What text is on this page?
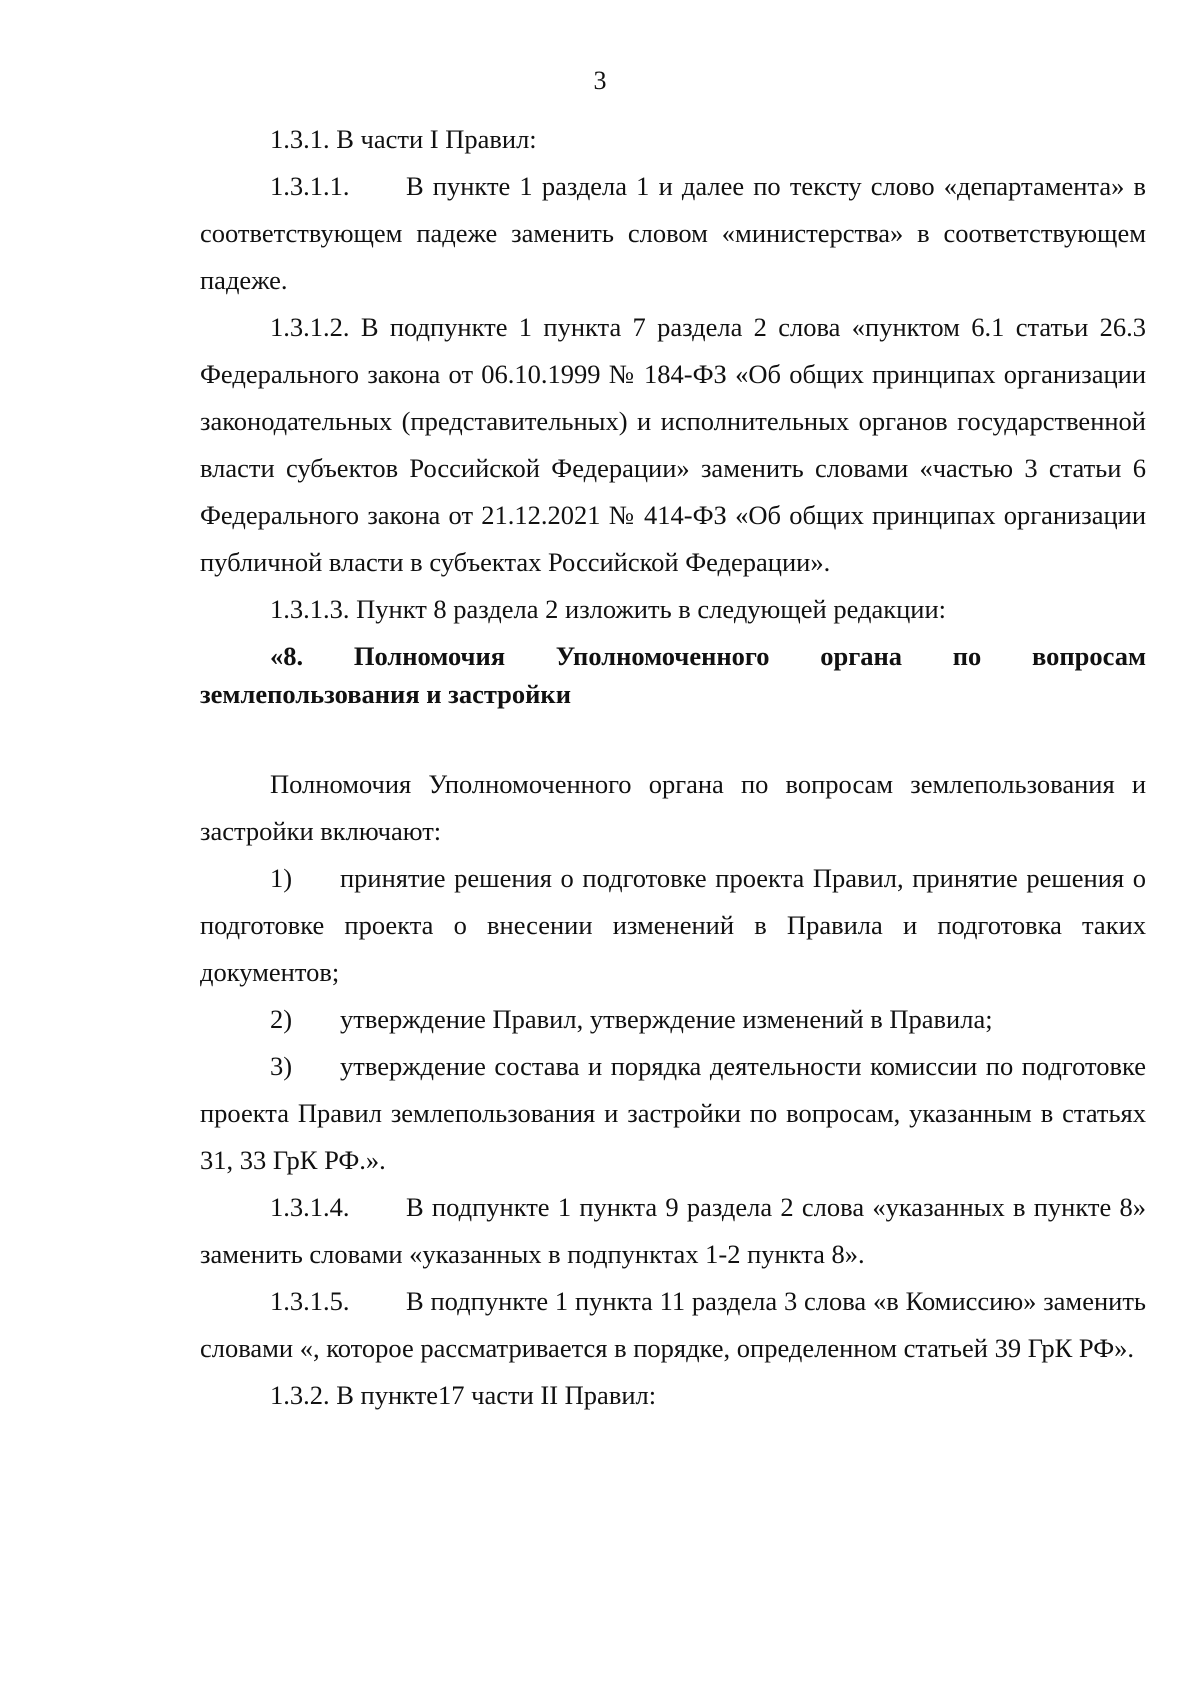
3

1.3.1. В части I Правил:

1.3.1.1. В пункте 1 раздела 1 и далее по тексту слово «департамента» в соответствующем падеже заменить словом «министерства» в соответствующем падеже.

1.3.1.2. В подпункте 1 пункта 7 раздела 2 слова «пунктом 6.1 статьи 26.3 Федерального закона от 06.10.1999 № 184-ФЗ «Об общих принципах организации законодательных (представительных) и исполнительных органов государственной власти субъектов Российской Федерации» заменить словами «частью 3 статьи 6 Федерального закона от 21.12.2021 № 414-ФЗ «Об общих принципах организации публичной власти в субъектах Российской Федерации».

1.3.1.3. Пункт 8 раздела 2 изложить в следующей редакции:

«8. Полномочия Уполномоченного органа по вопросам землепользования и застройки

Полномочия Уполномоченного органа по вопросам землепользования и застройки включают:

1) принятие решения о подготовке проекта Правил, принятие решения о подготовке проекта о внесении изменений в Правила и подготовка таких документов;

2) утверждение Правил, утверждение изменений в Правила;

3) утверждение состава и порядка деятельности комиссии по подготовке проекта Правил землепользования и застройки по вопросам, указанным в статьях 31, 33 ГрК РФ.».

1.3.1.4. В подпункте 1 пункта 9 раздела 2 слова «указанных в пункте 8» заменить словами «указанных в подпунктах 1-2 пункта 8».

1.3.1.5. В подпункте 1 пункта 11 раздела 3 слова «в Комиссию» заменить словами «, которое рассматривается в порядке, определенном статьей 39 ГрК РФ».

1.3.2. В пункте17 части II Правил:
